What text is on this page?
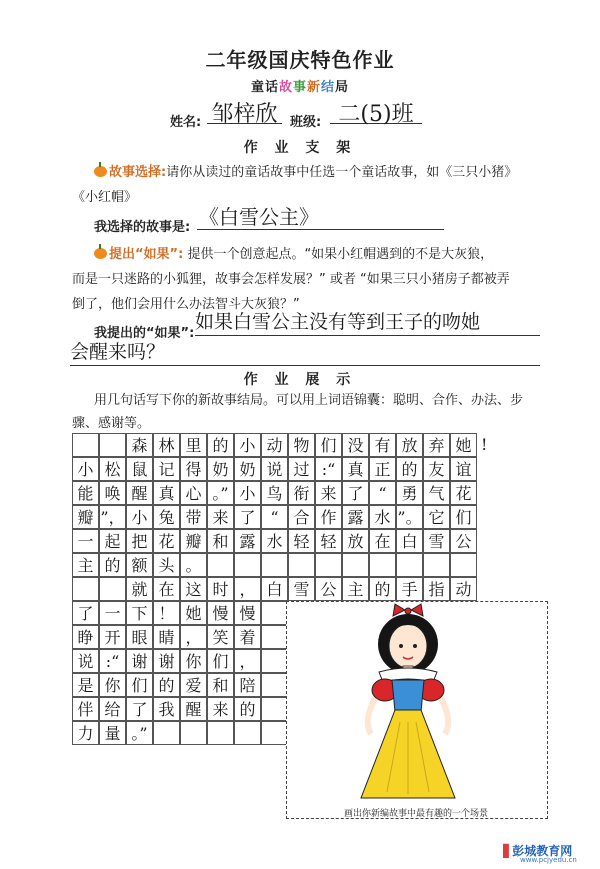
二年级国庆特色作业
童话故事新结局
姓名: 邹梓欣 班级: 二(5)班
作 业 支 架
故事选择:请你从读过的童话故事中任选一个童话故事，如《三只小猪》
《小红帽》
我选择的故事是: 《白雪公主》
提出“如果”: 提供一个创意起点。“如果小红帽遇到的不是大灰狼，
而是一只迷路的小狐狸，故事会怎样发展？” 或者 “如果三只小猪房子都被弄
倒了，他们会用什么办法智斗大灰狼？”
我提出的“如果”:
如果白雪公主没有等到王子的吻她
会醒来吗？
作 业 展 示
用几句话写下你的新故事结局。可以用上词语锦囊：聪明、合作、办法、步
骤、感谢等。
森 林 里 的 小 动 物 们 没 有 放 弃 她 !
小 松 鼠 记 得 奶 奶 说 过 :“ 真 正 的 友 谊
能 唤 醒 真 心 。” 小 鸟 衔 来 了 “ 勇 气 花
瓣 ”， 小 兔 带 来 了 “ 合 作 露 水 ”。 它 们
一 起 把 花 瓣 和 露 水 轻 轻 放 在 白 雪 公
主 的 额 头 。
就 在 这 时 ， 白 雪 公 主 的 手 指 动
了 一 下 ！ 她 慢 慢
睁 开 眼 睛 ， 笑 着
说 :“ 谢 谢 你 们 ，
是 你 们 的 爱 和 陪
伴 给 了 我 醒 来 的
力 量 。”
画出你新编故事中最有趣的一个场景
▋彭城教育网
www.pcjyedu.cn
